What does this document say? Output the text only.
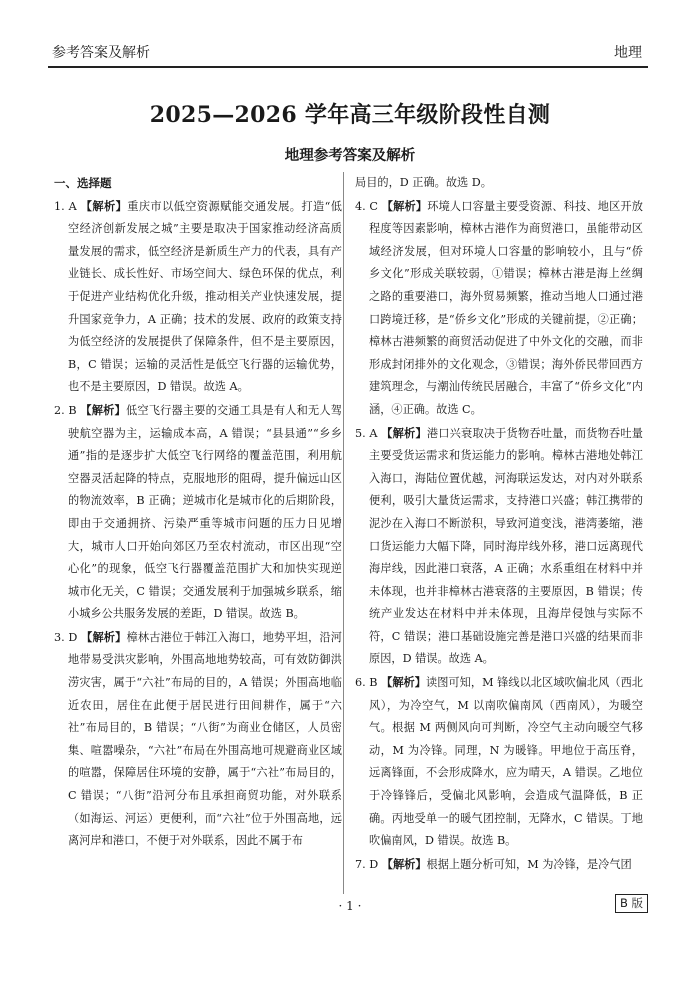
参考答案及解析	地理
2025—2026 学年高三年级阶段性自测
地理参考答案及解析
一、选择题

1. A 【解析】重庆市以低空资源赋能交通发展。打造“低空经济创新发展之城”主要是取决于国家推动经济高质量发展的需求，低空经济是新质生产力的代表，具有产业链长、成长性好、市场空间大、绿色环保的优点，利于促进产业结构优化升级，推动相关产业快速发展，提升国家竞争力，A 正确；技术的发展、政府的政策支持为低空经济的发展提供了保障条件，但不是主要原因，B，C 错误；运输的灵活性是低空飞行器的运输优势，也不是主要原因，D 错误。故选 A。

2. B 【解析】低空飞行器主要的交通工具是有人和无人驾驶航空器为主，运输成本高，A 错误；“县县通”“乡乡通”指的是逐步扩大低空飞行网络的覆盖范围，利用航空器灵活起降的特点，克服地形的阻碍，提升偏远山区的物流效率，B 正确；逆城市化是城市化的后期阶段，即由于交通拥挤、污染严重等城市问题的压力日见增大，城市人口开始向郊区乃至农村流动，市区出现“空心化”的现象，低空飞行器覆盖范围扩大和加快实现逆城市化无关，C 错误；交通发展利于加强城乡联系，缩小城乡公共服务发展的差距，D 错误。故选 B。

3. D 【解析】樟林古港位于韩江入海口，地势平坦，沿河地带易受洪灾影响，外围高地地势较高，可有效防御洪涝灾害，属于“六社”布局的目的，A 错误；外围高地临近农田，居住在此便于居民进行田间耕作，属于“六社”布局目的，B 错误；“八街”为商业仓储区，人员密集、喧嚣噪杂，“六社”布局在外围高地可规避商业区域的喧嚣，保障居住环境的安静，属于“六社”布局目的，C 错误；“八街”沿河分布且承担商贸功能，对外联系（如海运、河运）更便利，而“六社”位于外围高地，远离河岸和港口，不便于对外联系，因此不属于布

局目的，D 正确。故选 D。

4. C 【解析】环境人口容量主要受资源、科技、地区开放程度等因素影响，樟林古港作为商贸港口，虽能带动区域经济发展，但对环境人口容量的影响较小，且与“侨乡文化”形成关联较弱，①错误；樟林古港是海上丝绸之路的重要港口，海外贸易频繁，推动当地人口通过港口跨境迁移，是“侨乡文化”形成的关键前提，②正确；樟林古港频繁的商贸活动促进了中外文化的交融，而非形成封闭排外的文化观念，③错误；海外侨民带回西方建筑理念，与潮汕传统民居融合，丰富了“侨乡文化”内涵，④正确。故选 C。

5. A 【解析】港口兴衰取决于货物吞吐量，而货物吞吐量主要受货运需求和货运能力的影响。樟林古港地处韩江入海口，海陆位置优越，河海联运发达，对内对外联系便利，吸引大量货运需求，支持港口兴盛；韩江携带的泥沙在入海口不断淤积，导致河道变浅，港湾萎缩，港口货运能力大幅下降，同时海岸线外移，港口远离现代海岸线，因此港口衰落，A 正确；水系重组在材料中并未体现，也并非樟林古港衰落的主要原因，B 错误；传统产业发达在材料中并未体现，且海岸侵蚀与实际不符，C 错误；港口基础设施完善是港口兴盛的结果而非原因，D 错误。故选 A。

6. B 【解析】读图可知，M 锋线以北区域吹偏北风（西北风），为冷空气，M 以南吹偏南风（西南风），为暖空气。根据 M 两侧风向可判断，冷空气主动向暖空气移动，M 为冷锋。同理，N 为暖锋。甲地位于高压脊，远离锋面，不会形成降水，应为晴天，A 错误。乙地位于冷锋锋后，受偏北风影响，会造成气温降低，B 正确。丙地受单一的暖气团控制，无降水，C 错误。丁地吹偏南风，D 错误。故选 B。

7. D 【解析】根据上题分析可知，M 为冷锋，是冷气团

· 1 ·	B 版
